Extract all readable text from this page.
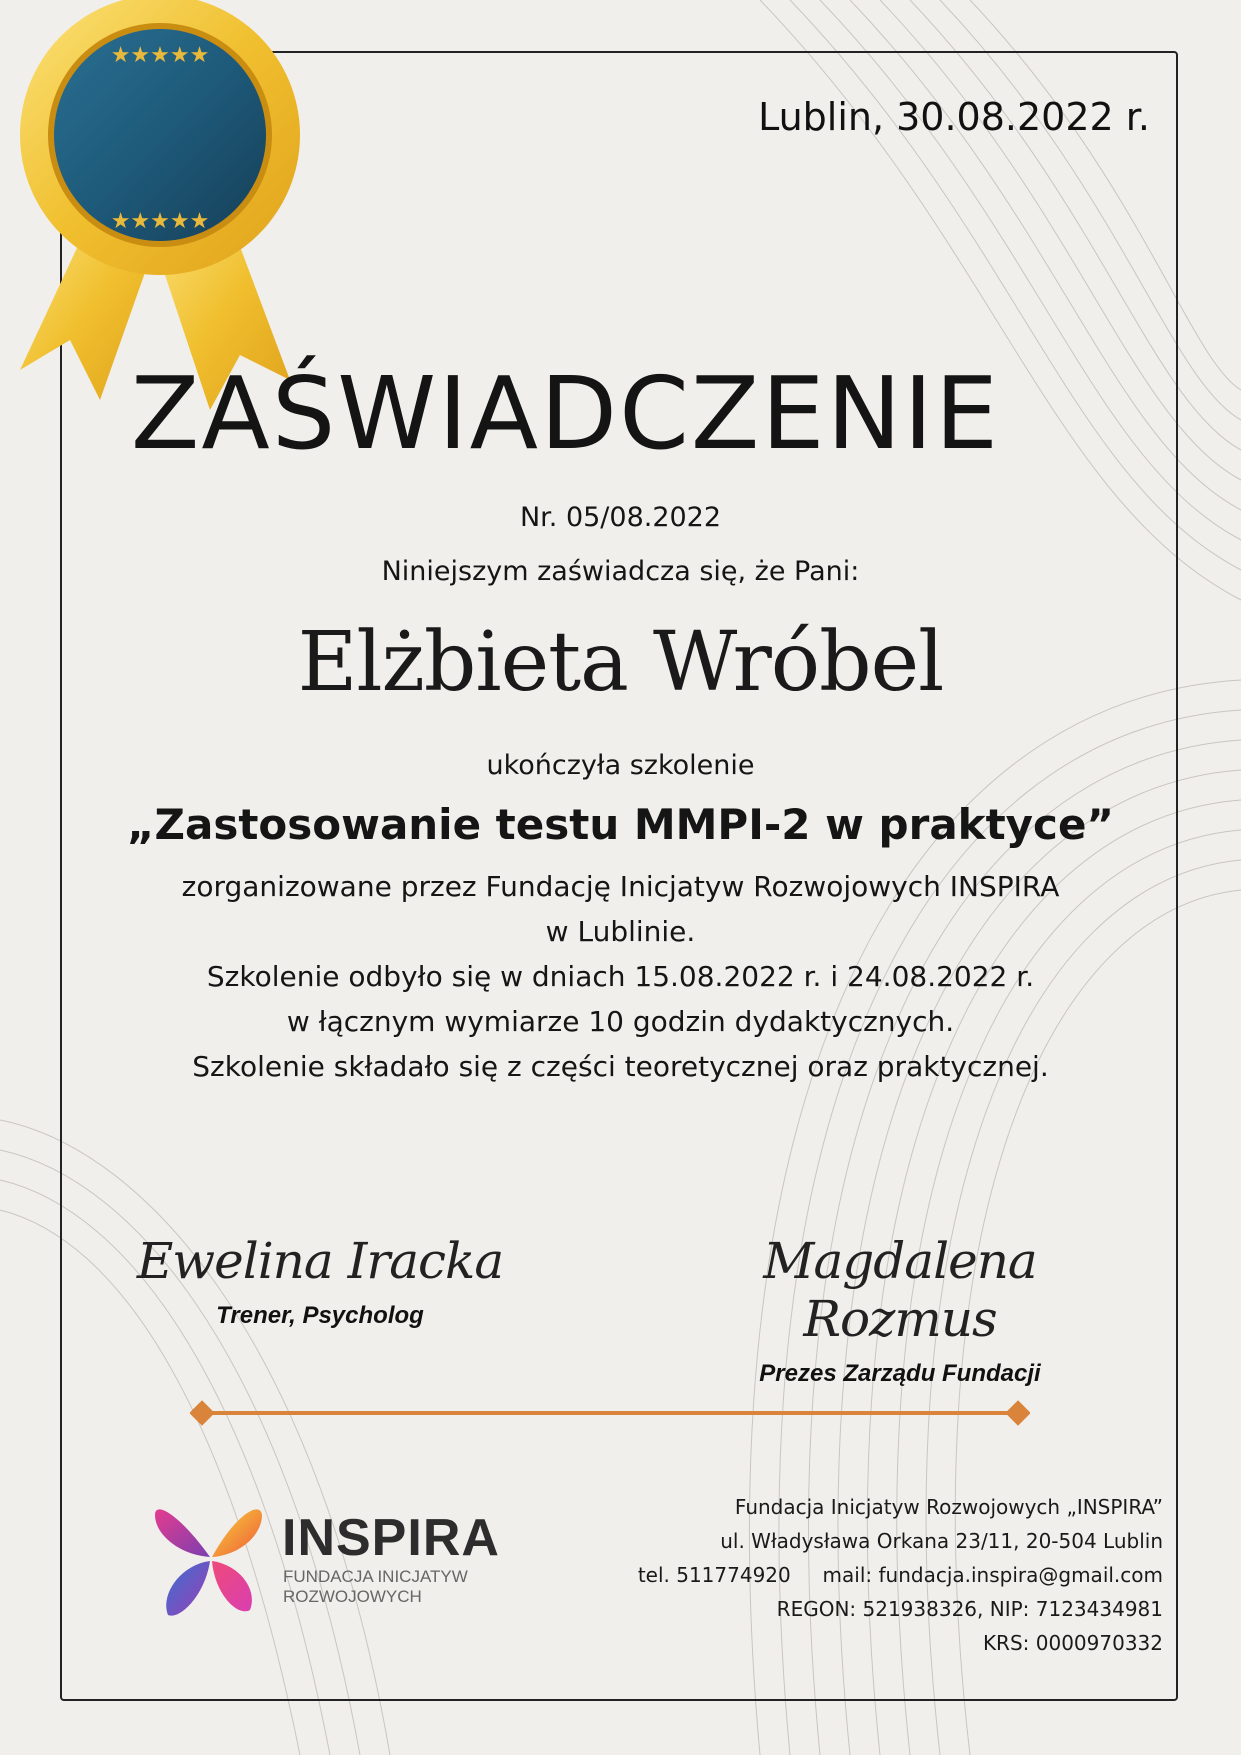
★★★★★
★★★★★
Lublin, 30.08.2022 r.
ZAŚWIADCZENIE
Nr. 05/08.2022
Niniejszym zaświadcza się, że Pani:
Elżbieta Wróbel
ukończyła szkolenie
„Zastosowanie testu MMPI-2 w praktyce”
zorganizowane przez Fundację Inicjatyw Rozwojowych INSPIRA
w Lublinie.
Szkolenie odbyło się w dniach 15.08.2022 r. i 24.08.2022 r.
w łącznym wymiarze 10 godzin dydaktycznych.
Szkolenie składało się z części teoretycznej oraz praktycznej.
Ewelina Iracka
Trener, Psycholog
Magdalena Rozmus
Prezes Zarządu Fundacji
INSPIRA
FUNDACJA INICJATYW
ROZWOJOWYCH
Fundacja Inicjatyw Rozwojowych „INSPIRA”
ul. Władysława Orkana 23/11, 20-504 Lublin
tel. 511774920     mail: fundacja.inspira@gmail.com
REGON: 521938326, NIP: 7123434981
KRS: 0000970332
